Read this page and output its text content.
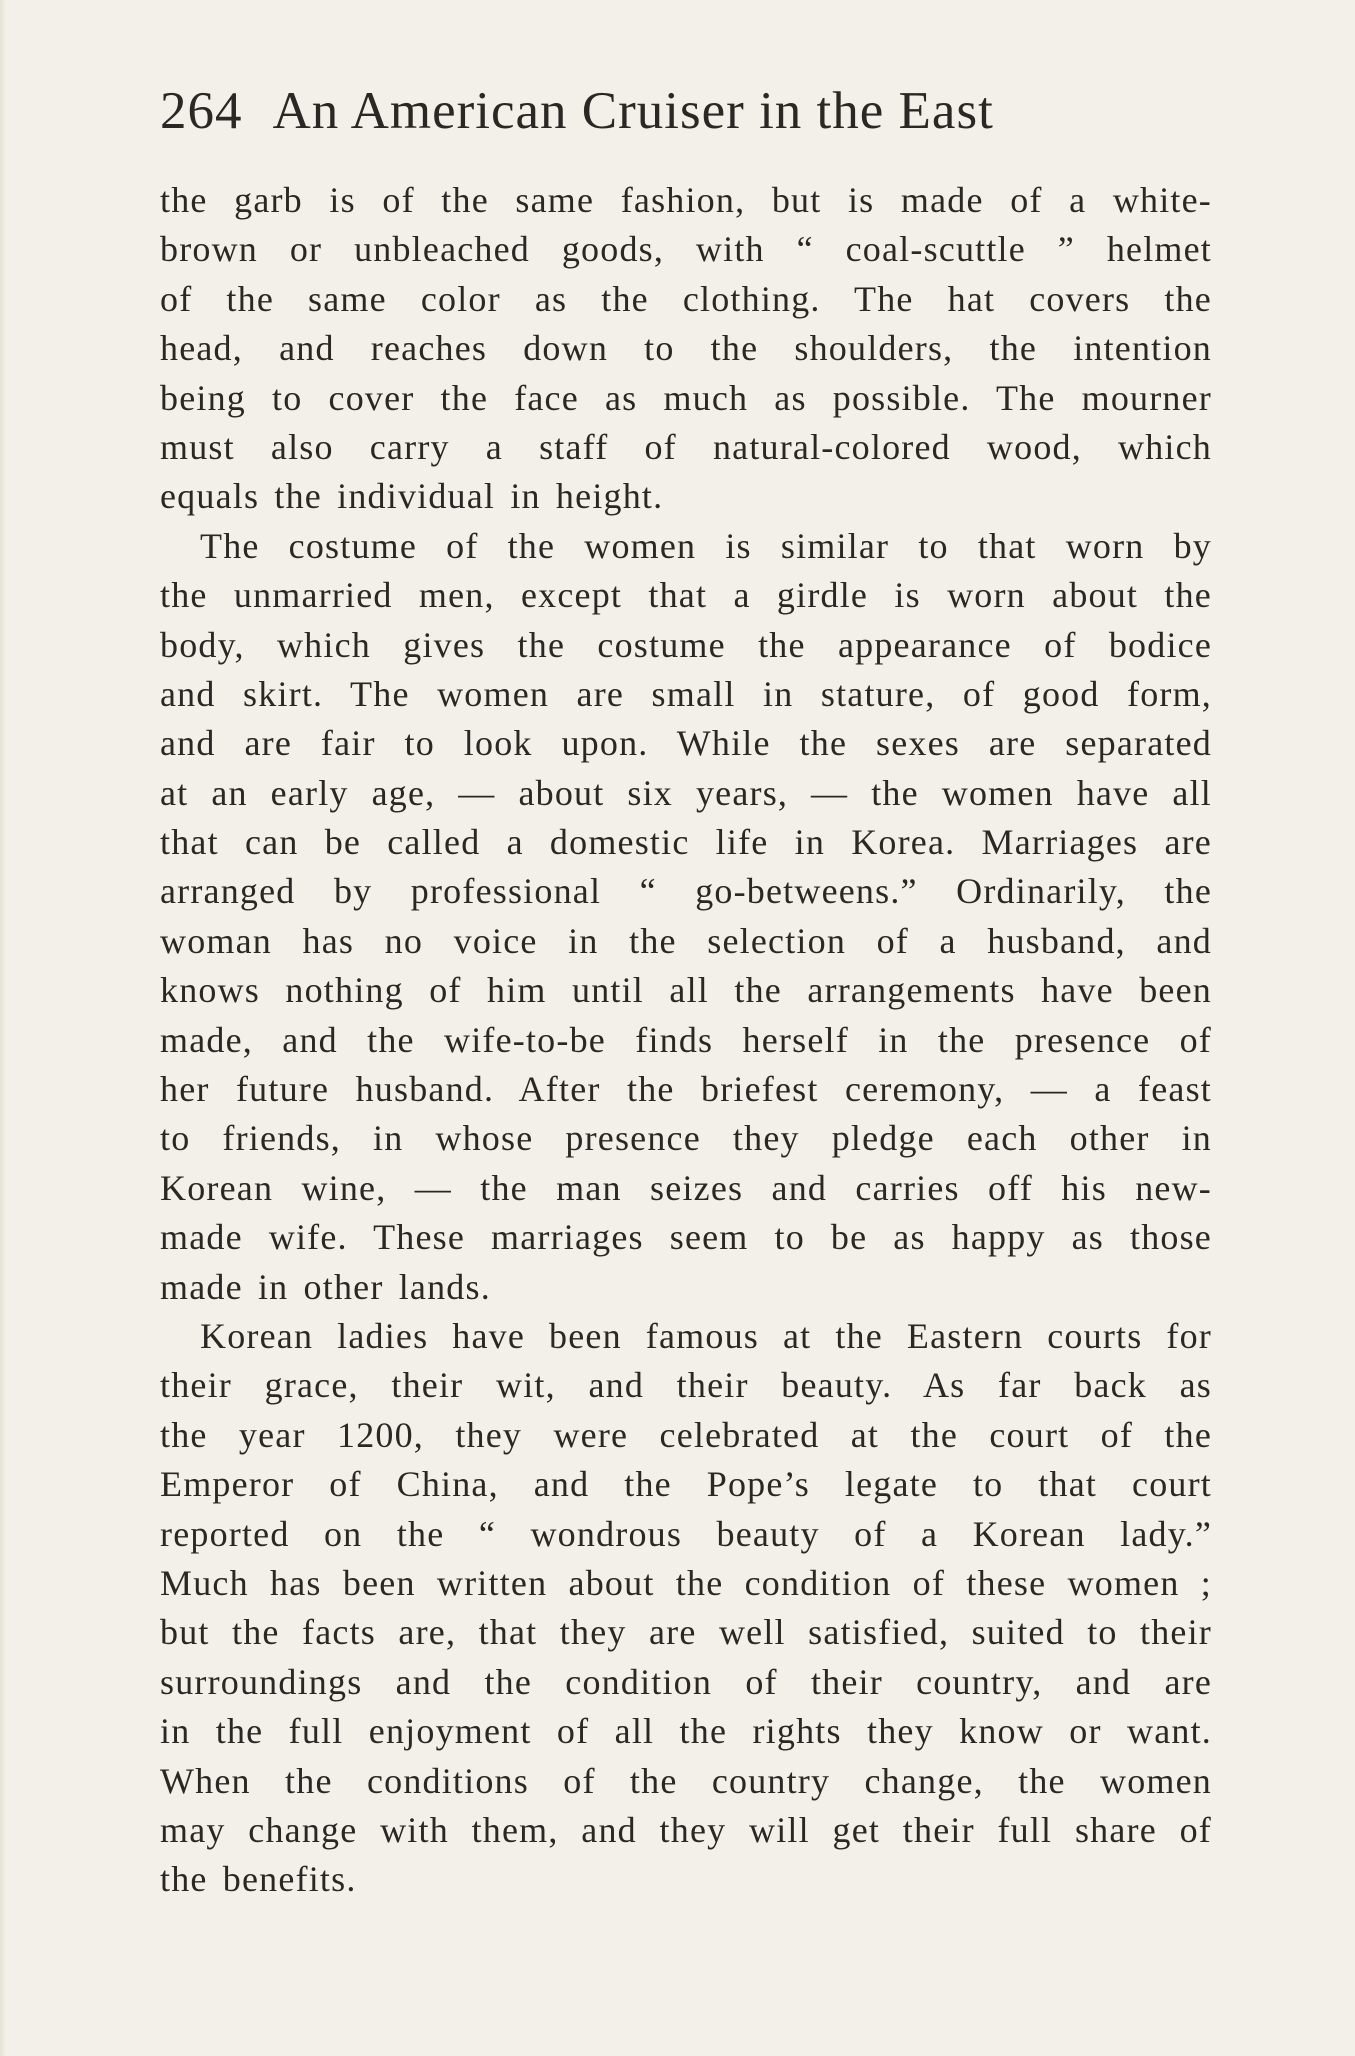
264 An American Cruiser in the East
the garb is of the same fashion, but is made of a white-
brown or unbleached goods, with “ coal-scuttle ” helmet
of the same color as the clothing. The hat covers the
head, and reaches down to the shoulders, the intention
being to cover the face as much as possible. The mourner
must also carry a staff of natural-colored wood, which
equals the individual in height.
The costume of the women is similar to that worn by
the unmarried men, except that a girdle is worn about the
body, which gives the costume the appearance of bodice
and skirt. The women are small in stature, of good form,
and are fair to look upon. While the sexes are separated
at an early age, — about six years, — the women have all
that can be called a domestic life in Korea. Marriages are
arranged by professional “ go-betweens.” Ordinarily, the
woman has no voice in the selection of a husband, and
knows nothing of him until all the arrangements have been
made, and the wife-to-be finds herself in the presence of
her future husband. After the briefest ceremony, — a feast
to friends, in whose presence they pledge each other in
Korean wine, — the man seizes and carries off his new-
made wife. These marriages seem to be as happy as those
made in other lands.
Korean ladies have been famous at the Eastern courts for
their grace, their wit, and their beauty. As far back as
the year 1200, they were celebrated at the court of the
Emperor of China, and the Pope’s legate to that court
reported on the “ wondrous beauty of a Korean lady.”
Much has been written about the condition of these women ;
but the facts are, that they are well satisfied, suited to their
surroundings and the condition of their country, and are
in the full enjoyment of all the rights they know or want.
When the conditions of the country change, the women
may change with them, and they will get their full share of
the benefits.
